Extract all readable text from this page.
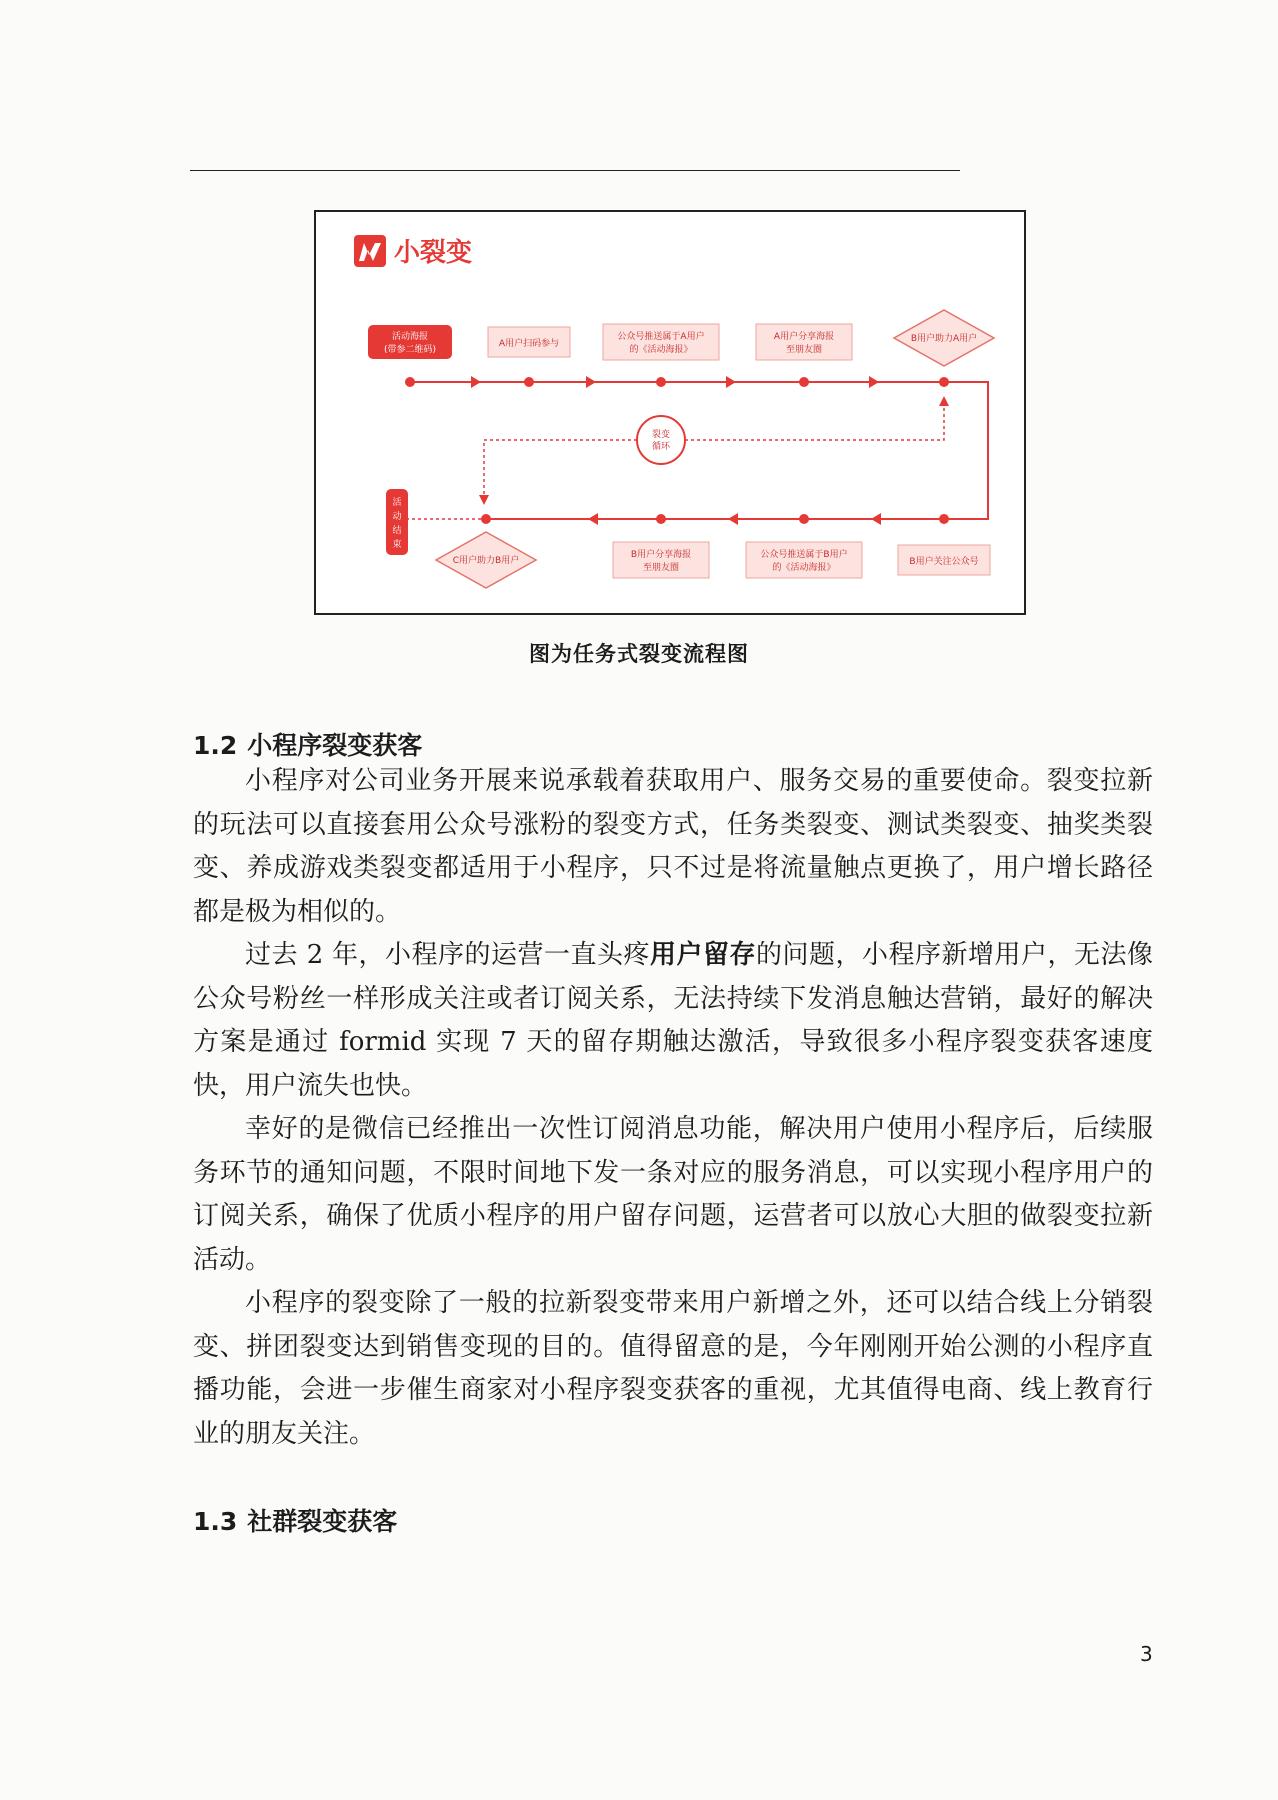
裂变
循环
活动海报
(带参二维码)
A用户扫码参与
公众号推送属于A用户
的《活动海报》
A用户分享海报
至朋友圈
B用户助力A用户
活
动
结
束
C用户助力B用户
B用户分享海报
至朋友圈
公众号推送属于B用户
的《活动海报》
B用户关注公众号
小裂变
图为任务式裂变流程图
1.2 小程序裂变获客

小程序对公司业务开展来说承载着获取用户、服务交易的重要使命。裂变拉新的玩法可以直接套用公众号涨粉的裂变方式，任务类裂变、测试类裂变、抽奖类裂变、养成游戏类裂变都适用于小程序，只不过是将流量触点更换了，用户增长路径都是极为相似的。

过去 2 年，小程序的运营一直头疼用户留存的问题，小程序新增用户，无法像公众号粉丝一样形成关注或者订阅关系，无法持续下发消息触达营销，最好的解决方案是通过 formid 实现 7 天的留存期触达激活，导致很多小程序裂变获客速度快，用户流失也快。

幸好的是微信已经推出一次性订阅消息功能，解决用户使用小程序后，后续服务环节的通知问题，不限时间地下发一条对应的服务消息，可以实现小程序用户的订阅关系，确保了优质小程序的用户留存问题，运营者可以放心大胆的做裂变拉新活动。

小程序的裂变除了一般的拉新裂变带来用户新增之外，还可以结合线上分销裂变、拼团裂变达到销售变现的目的。值得留意的是，今年刚刚开始公测的小程序直播功能，会进一步催生商家对小程序裂变获客的重视，尤其值得电商、线上教育行业的朋友关注。

1.3 社群裂变获客
3
